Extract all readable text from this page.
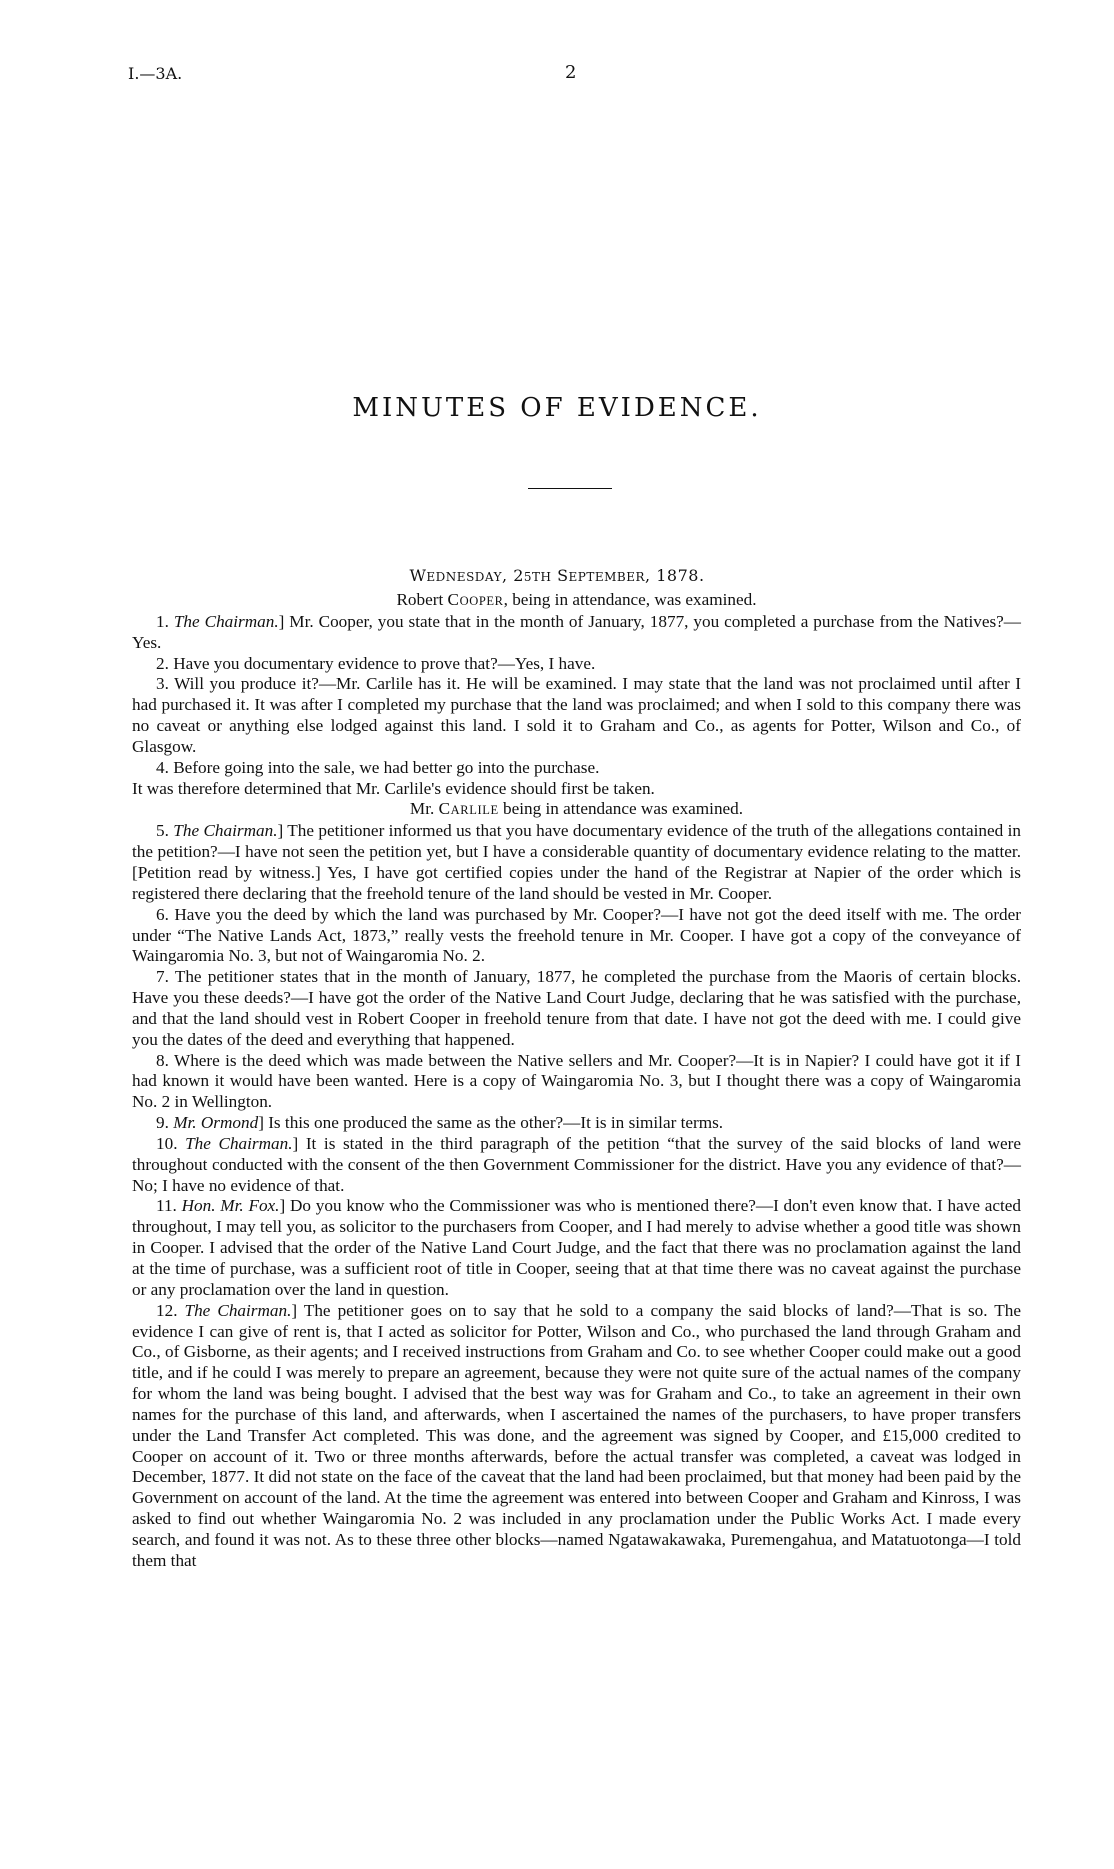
I.—3A.	2
MINUTES OF EVIDENCE.
WEDNESDAY, 25TH SEPTEMBER, 1878.

Robert COOPER, being in attendance, was examined.

1. The Chairman.] Mr. Cooper, you state that in the month of January, 1877, you completed a purchase from the Natives?—Yes.

2. Have you documentary evidence to prove that?—Yes, I have.

3. Will you produce it?—Mr. Carlile has it. He will be examined. I may state that the land was not proclaimed until after I had purchased it. It was after I completed my purchase that the land was proclaimed; and when I sold to this company there was no caveat or anything else lodged against this land. I sold it to Graham and Co., as agents for Potter, Wilson and Co., of Glasgow.

4. Before going into the sale, we had better go into the purchase.

It was therefore determined that Mr. Carlile's evidence should first be taken.

Mr. CARLILE being in attendance was examined.

5. The Chairman.] The petitioner informed us that you have documentary evidence of the truth of the allegations contained in the petition?—I have not seen the petition yet, but I have a considerable quantity of documentary evidence relating to the matter. [Petition read by witness.] Yes, I have got certified copies under the hand of the Registrar at Napier of the order which is registered there declaring that the freehold tenure of the land should be vested in Mr. Cooper.

6. Have you the deed by which the land was purchased by Mr. Cooper?—I have not got the deed itself with me. The order under “The Native Lands Act, 1873,” really vests the freehold tenure in Mr. Cooper. I have got a copy of the conveyance of Waingaromia No. 3, but not of Waingaromia No. 2.

7. The petitioner states that in the month of January, 1877, he completed the purchase from the Maoris of certain blocks. Have you these deeds?—I have got the order of the Native Land Court Judge, declaring that he was satisfied with the purchase, and that the land should vest in Robert Cooper in freehold tenure from that date. I have not got the deed with me. I could give you the dates of the deed and everything that happened.

8. Where is the deed which was made between the Native sellers and Mr. Cooper?—It is in Napier? I could have got it if I had known it would have been wanted. Here is a copy of Waingaromia No. 3, but I thought there was a copy of Waingaromia No. 2 in Wellington.

9. Mr. Ormond] Is this one produced the same as the other?—It is in similar terms.

10. The Chairman.] It is stated in the third paragraph of the petition “that the survey of the said blocks of land were throughout conducted with the consent of the then Government Commissioner for the district. Have you any evidence of that?—No; I have no evidence of that.

11. Hon. Mr. Fox.] Do you know who the Commissioner was who is mentioned there?—I don't even know that. I have acted throughout, I may tell you, as solicitor to the purchasers from Cooper, and I had merely to advise whether a good title was shown in Cooper. I advised that the order of the Native Land Court Judge, and the fact that there was no proclamation against the land at the time of purchase, was a sufficient root of title in Cooper, seeing that at that time there was no caveat against the purchase or any proclamation over the land in question.

12. The Chairman.] The petitioner goes on to say that he sold to a company the said blocks of land?—That is so. The evidence I can give of rent is, that I acted as solicitor for Potter, Wilson and Co., who purchased the land through Graham and Co., of Gisborne, as their agents; and I received instructions from Graham and Co. to see whether Cooper could make out a good title, and if he could I was merely to prepare an agreement, because they were not quite sure of the actual names of the company for whom the land was being bought. I advised that the best way was for Graham and Co., to take an agreement in their own names for the purchase of this land, and afterwards, when I ascertained the names of the purchasers, to have proper transfers under the Land Transfer Act completed. This was done, and the agreement was signed by Cooper, and £15,000 credited to Cooper on account of it. Two or three months afterwards, before the actual transfer was completed, a caveat was lodged in December, 1877. It did not state on the face of the caveat that the land had been proclaimed, but that money had been paid by the Government on account of the land. At the time the agreement was entered into between Cooper and Graham and Kinross, I was asked to find out whether Waingaromia No. 2 was included in any proclamation under the Public Works Act. I made every search, and found it was not. As to these three other blocks—named Ngatawakawaka, Puremengahua, and Matatuotonga—I told them that
